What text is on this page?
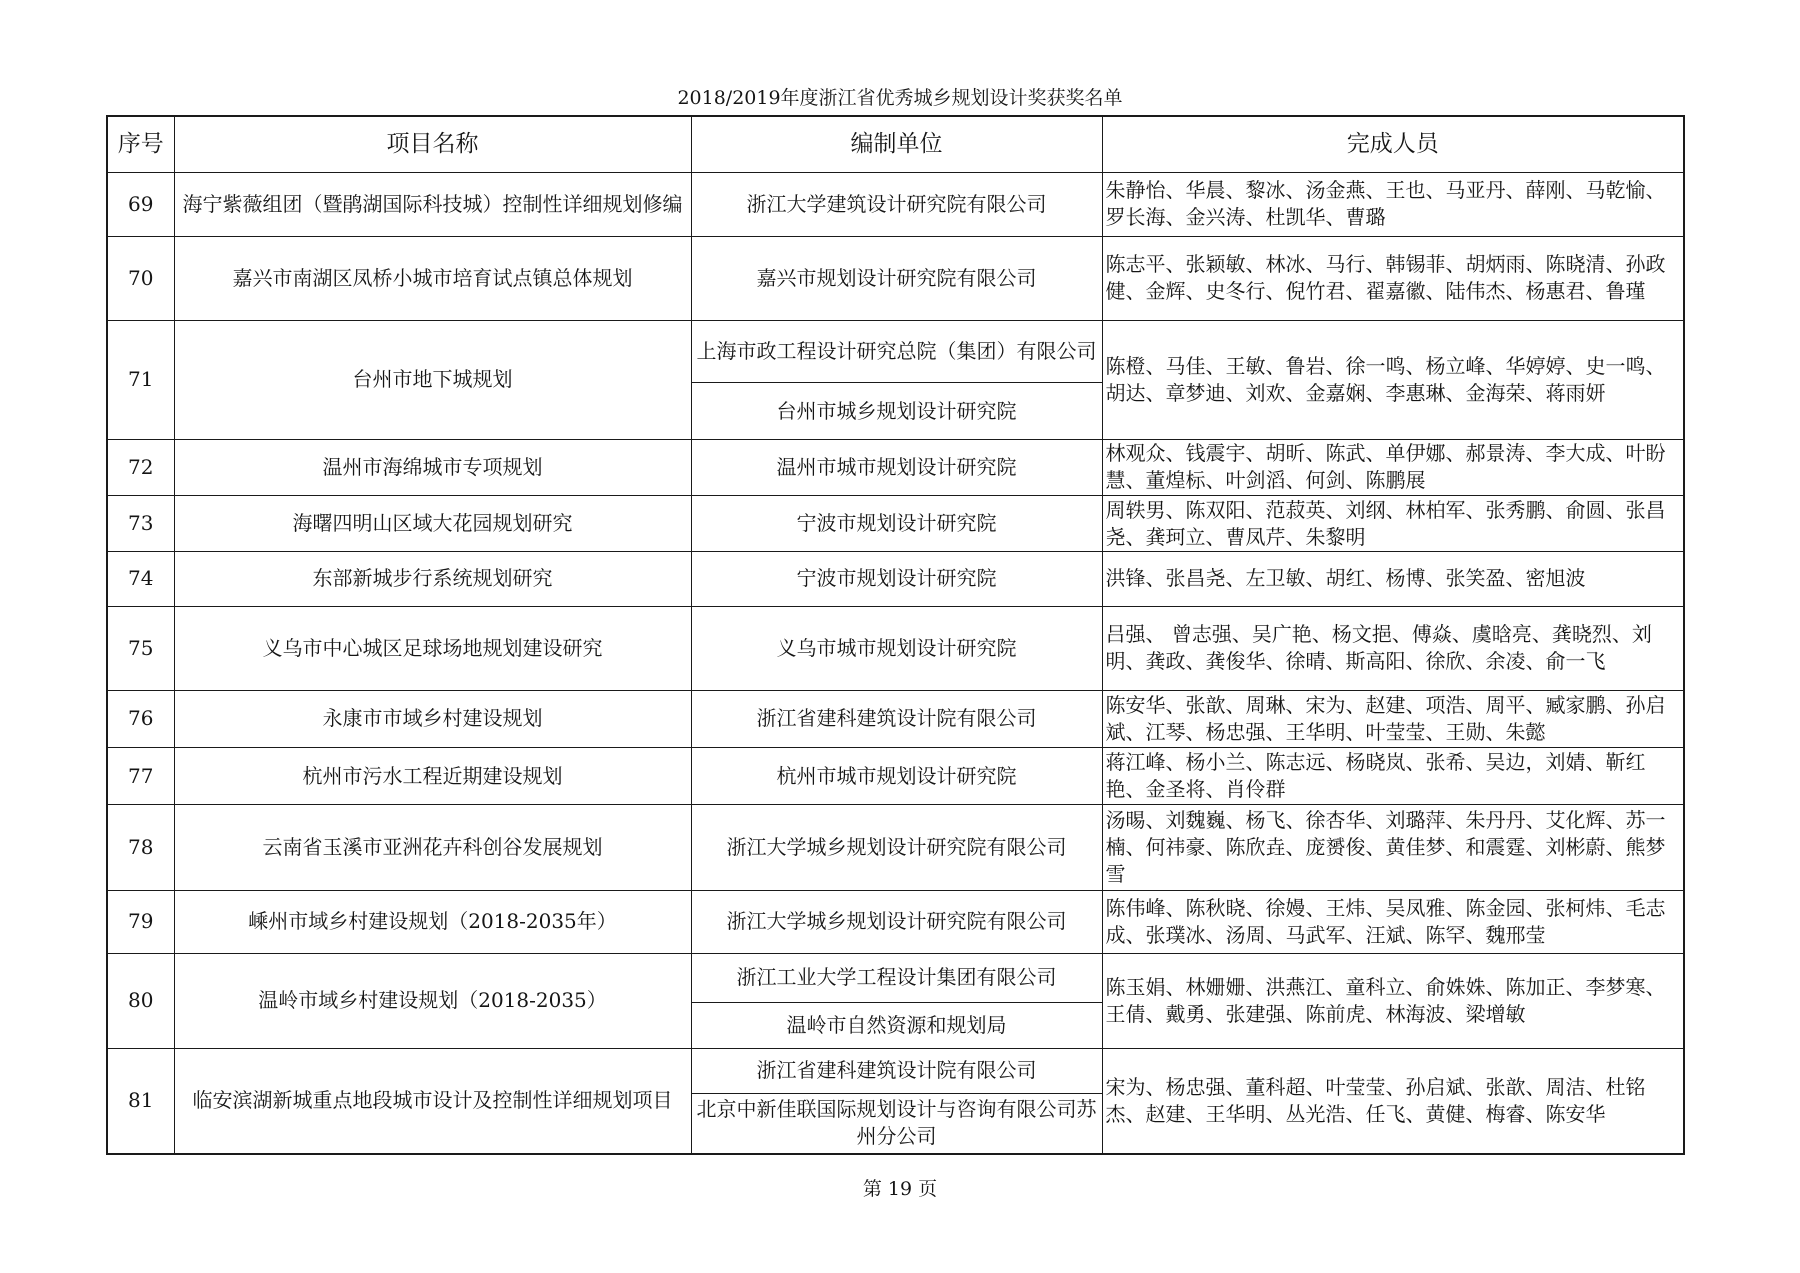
2018/2019年度浙江省优秀城乡规划设计奖获奖名单
序号	项目名称	编制单位	完成人员
69	海宁紫薇组团（暨鹃湖国际科技城）控制性详细规划修编	浙江大学建筑设计研究院有限公司	朱静怡、华晨、黎冰、汤金燕、王也、马亚丹、薛刚、马乾愉、罗长海、金兴涛、杜凯华、曹璐
70	嘉兴市南湖区凤桥小城市培育试点镇总体规划	嘉兴市规划设计研究院有限公司	陈志平、张颖敏、林冰、马行、韩锡菲、胡炳雨、陈晓清、孙政健、金辉、史冬行、倪竹君、翟嘉徽、陆伟杰、杨惠君、鲁瑾
71	台州市地下城规划	上海市政工程设计研究总院（集团）有限公司	陈橙、马佳、王敏、鲁岩、徐一鸣、杨立峰、华婷婷、史一鸣、胡达、章梦迪、刘欢、金嘉娴、李惠琳、金海荣、蒋雨妍
		台州市城乡规划设计研究院	
72	温州市海绵城市专项规划	温州市城市规划设计研究院	林观众、钱震宇、胡昕、陈武、单伊娜、郝景涛、李大成、叶盼慧、董煌标、叶剑滔、何剑、陈鹏展
73	海曙四明山区域大花园规划研究	宁波市规划设计研究院	周轶男、陈双阳、范菽英、刘纲、林柏军、张秀鹏、俞圆、张昌尧、龚珂立、曹凤芹、朱黎明
74	东部新城步行系统规划研究	宁波市规划设计研究院	洪锋、张昌尧、左卫敏、胡红、杨博、张笑盈、密旭波
75	义乌市中心城区足球场地规划建设研究	义乌市城市规划设计研究院	吕强、 曾志强、吴广艳、杨文挹、傅焱、虞晗亮、龚晓烈、刘明、龚政、龚俊华、徐晴、斯高阳、徐欣、余凌、俞一飞
76	永康市市域乡村建设规划	浙江省建科建筑设计院有限公司	陈安华、张歆、周琳、宋为、赵建、项浩、周平、臧家鹏、孙启斌、江琴、杨忠强、王华明、叶莹莹、王勋、朱懿
77	杭州市污水工程近期建设规划	杭州市城市规划设计研究院	蒋江峰、杨小兰、陈志远、杨晓岚、张希、吴边，刘婧、靳红艳、金圣将、肖伶群
78	云南省玉溪市亚洲花卉科创谷发展规划	浙江大学城乡规划设计研究院有限公司	汤晹、刘魏巍、杨飞、徐杏华、刘璐萍、朱丹丹、艾化辉、苏一楠、何祎豪、陈欣垚、庞赟俊、黄佳梦、和震霆、刘彬蔚、熊梦雪
79	嵊州市域乡村建设规划（2018-2035年）	浙江大学城乡规划设计研究院有限公司	陈伟峰、陈秋晓、徐嫚、王炜、吴凤雅、陈金园、张柯炜、毛志成、张璞冰、汤周、马武军、汪斌、陈罕、魏邢莹
80	温岭市域乡村建设规划（2018-2035）	浙江工业大学工程设计集团有限公司	陈玉娟、林姗姗、洪燕江、童科立、俞姝姝、陈加正、李梦寒、王倩、戴勇、张建强、陈前虎、林海波、梁增敏
		温岭市自然资源和规划局	
81	临安滨湖新城重点地段城市设计及控制性详细规划项目	浙江省建科建筑设计院有限公司	宋为、杨忠强、董科超、叶莹莹、孙启斌、张歆、周洁、杜铭杰、赵建、王华明、丛光浩、任飞、黄健、梅睿、陈安华
		北京中新佳联国际规划设计与咨询有限公司苏州分公司	
第 19 页
